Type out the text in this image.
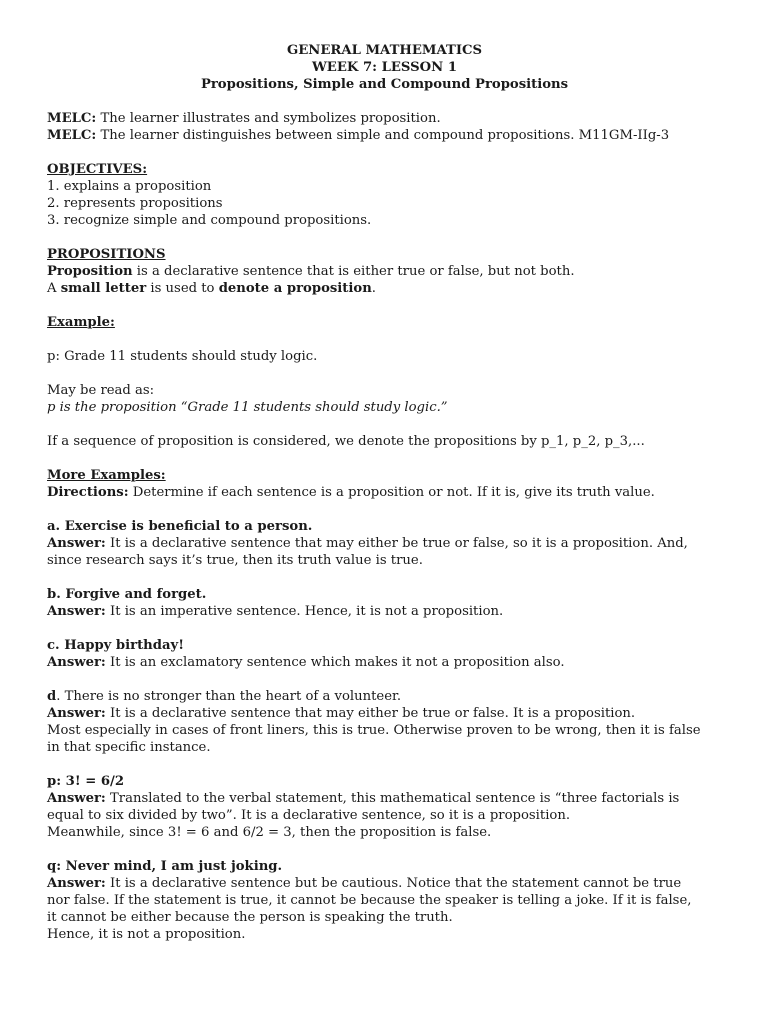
GENERAL MATHEMATICS

WEEK 7: LESSON 1

Propositions, Simple and Compound Propositions

MELC: The learner illustrates and symbolizes proposition.

MELC: The learner distinguishes between simple and compound propositions. M11GM-IIg-3

OBJECTIVES:

1. explains a proposition

2. represents propositions

3. recognize simple and compound propositions.

PROPOSITIONS

Proposition is a declarative sentence that is either true or false, but not both.

A small letter is used to denote a proposition.

Example:

p: Grade 11 students should study logic.

May be read as:

p is the proposition “Grade 11 students should study logic.”

If a sequence of proposition is considered, we denote the propositions by p_1, p_2, p_3,...

More Examples:

Directions: Determine if each sentence is a proposition or not. If it is, give its truth value.

a. Exercise is beneficial to a person.

Answer: It is a declarative sentence that may either be true or false, so it is a proposition. And,

since research says it’s true, then its truth value is true.

b. Forgive and forget.

Answer: It is an imperative sentence. Hence, it is not a proposition.

c. Happy birthday!

Answer: It is an exclamatory sentence which makes it not a proposition also.

d. There is no stronger than the heart of a volunteer.

Answer: It is a declarative sentence that may either be true or false. It is a proposition.

Most especially in cases of front liners, this is true. Otherwise proven to be wrong, then it is false

in that specific instance.

p: 3! = 6/2

Answer: Translated to the verbal statement, this mathematical sentence is “three factorials is

equal to six divided by two”. It is a declarative sentence, so it is a proposition.

Meanwhile, since 3! = 6 and 6/2 = 3, then the proposition is false.

q: Never mind, I am just joking.

Answer: It is a declarative sentence but be cautious. Notice that the statement cannot be true

nor false. If the statement is true, it cannot be because the speaker is telling a joke. If it is false,

it cannot be either because the person is speaking the truth.

Hence, it is not a proposition.
